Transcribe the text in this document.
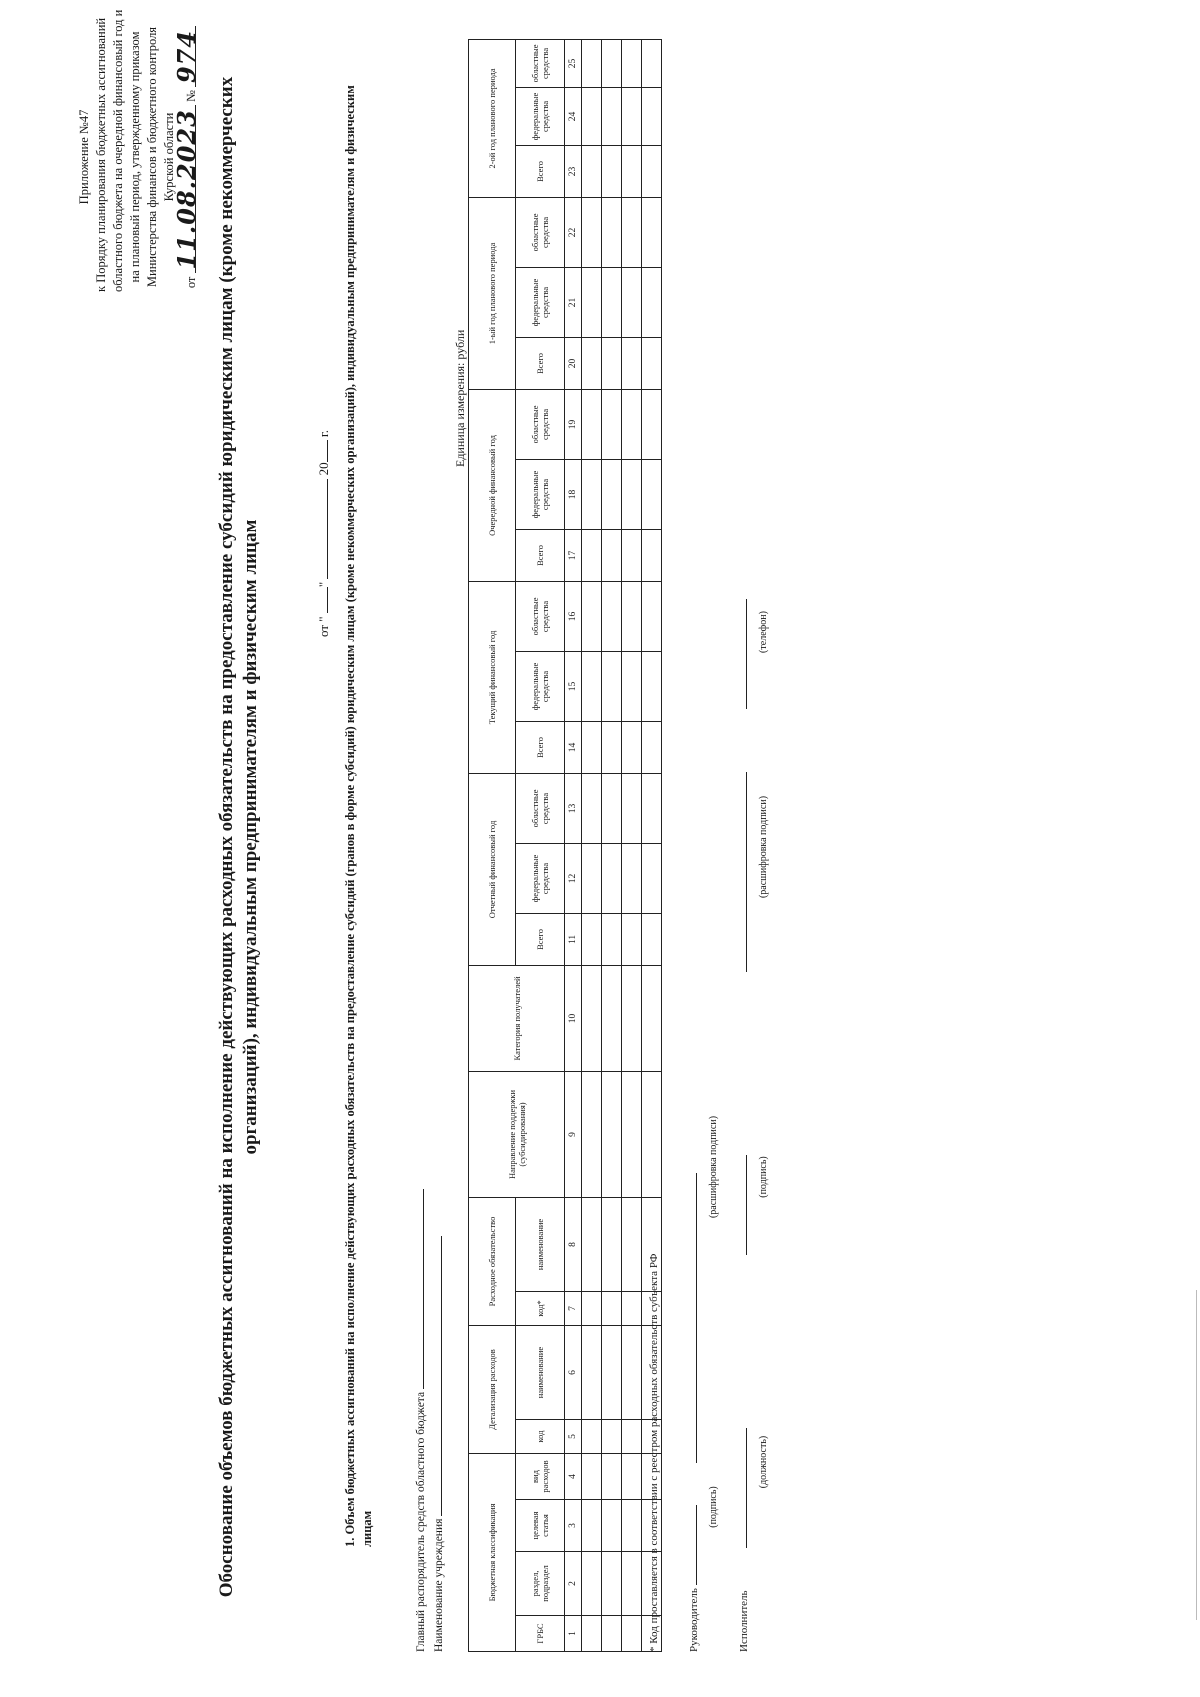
Приложение №47 к Порядку планирования бюджетных ассигнований областного бюджета на очередной финансовый год и на плановый период, утвержденному приказом Министерства финансов и бюджетного контроля Курской области
от 11.08.2023 № 974
Обоснование объемов бюджетных ассигнований на исполнение действующих расходных обязательств на предоставление субсидий юридическим лицам (кроме некоммерческих организаций), индивидуальным предпринимателям и физическим лицам	от " "  20 г. 1. Объем бюджетных ассигнований на исполнение действующих расходных обязательств на предоставление субсидий (гранов в форме субсидий) юридическим лицам (кроме некоммерческих организаций), индивидуальным предпринимателям и физическим лицам	Главный распорядитель средств областного бюджета Наименование учреждения
Единица измерения: рубли
Бюджетная классификация				Детализация расходов		Расходное обязательство		Направление поддержки (субсидирования)	Категория получателей	Отчетный финансовый год			Текущий финансовый год			Очередной финансовый год			1-ый год планового периода			2-ой год планового периода		
ГРБС	раздел, подраздел	целевая статья	вид расходов	код	наименование	код*	наименование			Всего	федеральные средства	областные средства	Всего	федеральные средства	областные средства	Всего	федеральные средства	областные средства	Всего	федеральные средства	областные средства	Всего	федеральные средства	областные средства
1	2	3	4	5	6	7	8	9	10	11	12	13	14	15	16	17	18	19	20	21	22	23	24	25

* Код проставляется в соответствии с реестром расходных обязательств субъекта РФ	Руководитель
(подпись)
(расшифровка подписи)
Исполнитель
(должность)
(подпись)
(расшифровка подписи)
(телефон)
